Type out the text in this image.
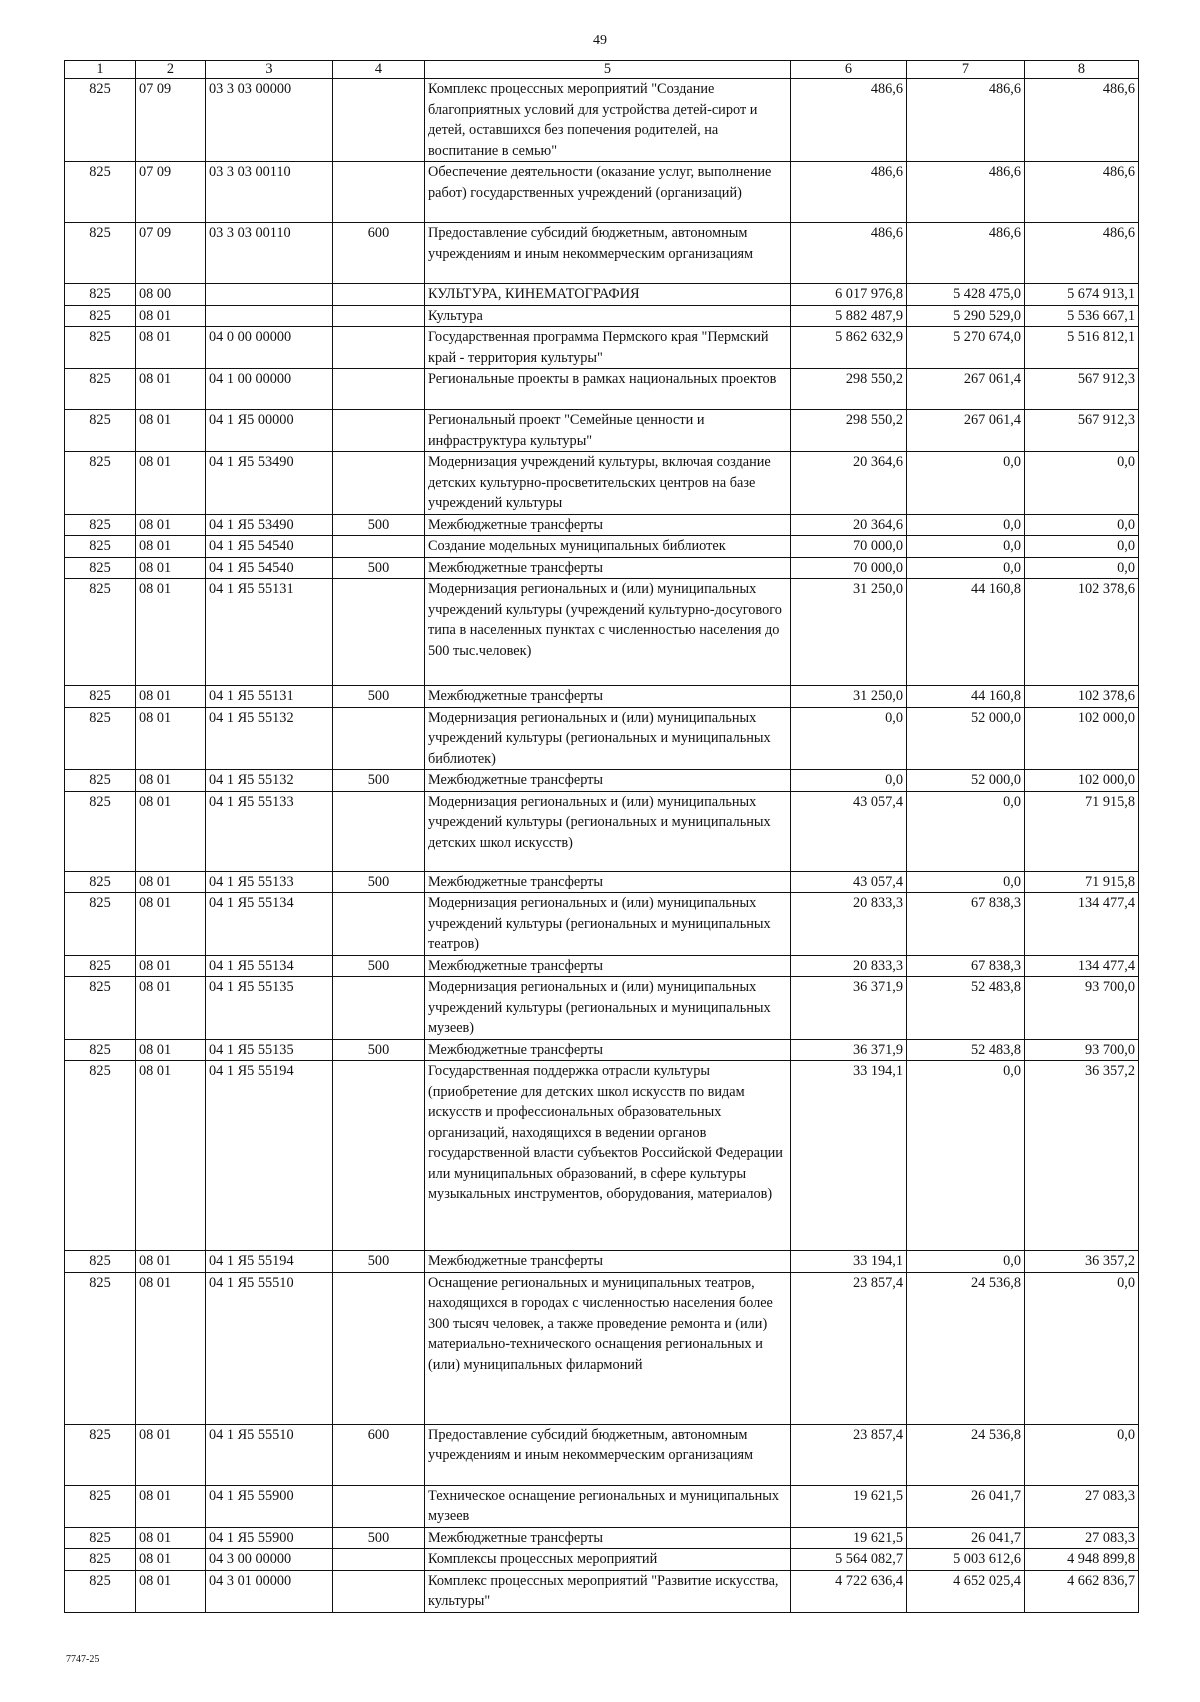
49
1	2	3	4	5	6	7	8
825	07 09	03 3 03 00000		Комплекс процессных мероприятий "Создание благоприятных условий для устройства детей-сирот и детей, оставшихся без попечения родителей, на воспитание в семью"	486,6	486,6	486,6
825	07 09	03 3 03 00110		Обеспечение деятельности (оказание услуг, выполнение работ) государственных учреждений (организаций)	486,6	486,6	486,6
825	07 09	03 3 03 00110	600	Предоставление субсидий бюджетным, автономным учреждениям и иным некоммерческим организациям	486,6	486,6	486,6
825	08 00			КУЛЬТУРА, КИНЕМАТОГРАФИЯ	6 017 976,8	5 428 475,0	5 674 913,1
825	08 01			Культура	5 882 487,9	5 290 529,0	5 536 667,1
825	08 01	04 0 00 00000		Государственная программа Пермского края "Пермский край - территория культуры"	5 862 632,9	5 270 674,0	5 516 812,1
825	08 01	04 1 00 00000		Региональные проекты в рамках национальных проектов	298 550,2	267 061,4	567 912,3
825	08 01	04 1 Я5 00000		Региональный проект "Семейные ценности и инфраструктура культуры"	298 550,2	267 061,4	567 912,3
825	08 01	04 1 Я5 53490		Модернизация учреждений культуры, включая создание детских культурно-просветительских центров на базе учреждений культуры	20 364,6	0,0	0,0
825	08 01	04 1 Я5 53490	500	Межбюджетные трансферты	20 364,6	0,0	0,0
825	08 01	04 1 Я5 54540		Создание модельных муниципальных библиотек	70 000,0	0,0	0,0
825	08 01	04 1 Я5 54540	500	Межбюджетные трансферты	70 000,0	0,0	0,0
825	08 01	04 1 Я5 55131		Модернизация региональных и (или) муниципальных учреждений культуры (учреждений культурно-досугового типа в населенных пунктах с численностью населения до 500 тыс.человек)	31 250,0	44 160,8	102 378,6
825	08 01	04 1 Я5 55131	500	Межбюджетные трансферты	31 250,0	44 160,8	102 378,6
825	08 01	04 1 Я5 55132		Модернизация региональных и (или) муниципальных учреждений культуры (региональных и муниципальных библиотек)	0,0	52 000,0	102 000,0
825	08 01	04 1 Я5 55132	500	Межбюджетные трансферты	0,0	52 000,0	102 000,0
825	08 01	04 1 Я5 55133		Модернизация региональных и (или) муниципальных учреждений культуры (региональных и муниципальных детских школ искусств)	43 057,4	0,0	71 915,8
825	08 01	04 1 Я5 55133	500	Межбюджетные трансферты	43 057,4	0,0	71 915,8
825	08 01	04 1 Я5 55134		Модернизация региональных и (или) муниципальных учреждений культуры (региональных и муниципальных театров)	20 833,3	67 838,3	134 477,4
825	08 01	04 1 Я5 55134	500	Межбюджетные трансферты	20 833,3	67 838,3	134 477,4
825	08 01	04 1 Я5 55135		Модернизация региональных и (или) муниципальных учреждений культуры (региональных и муниципальных музеев)	36 371,9	52 483,8	93 700,0
825	08 01	04 1 Я5 55135	500	Межбюджетные трансферты	36 371,9	52 483,8	93 700,0
825	08 01	04 1 Я5 55194		Государственная поддержка отрасли культуры (приобретение для детских школ искусств по видам искусств и профессиональных образовательных организаций, находящихся в ведении органов государственной власти субъектов Российской Федерации или муниципальных образований, в сфере культуры музыкальных инструментов, оборудования, материалов)	33 194,1	0,0	36 357,2
825	08 01	04 1 Я5 55194	500	Межбюджетные трансферты	33 194,1	0,0	36 357,2
825	08 01	04 1 Я5 55510		Оснащение региональных и муниципальных театров, находящихся в городах с численностью населения более 300 тысяч человек, а также проведение ремонта и (или) материально-технического оснащения региональных и (или) муниципальных филармоний	23 857,4	24 536,8	0,0
825	08 01	04 1 Я5 55510	600	Предоставление субсидий бюджетным, автономным учреждениям и иным некоммерческим организациям	23 857,4	24 536,8	0,0
825	08 01	04 1 Я5 55900		Техническое оснащение региональных и муниципальных музеев	19 621,5	26 041,7	27 083,3
825	08 01	04 1 Я5 55900	500	Межбюджетные трансферты	19 621,5	26 041,7	27 083,3
825	08 01	04 3 00 00000		Комплексы процессных мероприятий	5 564 082,7	5 003 612,6	4 948 899,8
825	08 01	04 3 01 00000		Комплекс процессных мероприятий "Развитие искусства, культуры"	4 722 636,4	4 652 025,4	4 662 836,7
7747-25
